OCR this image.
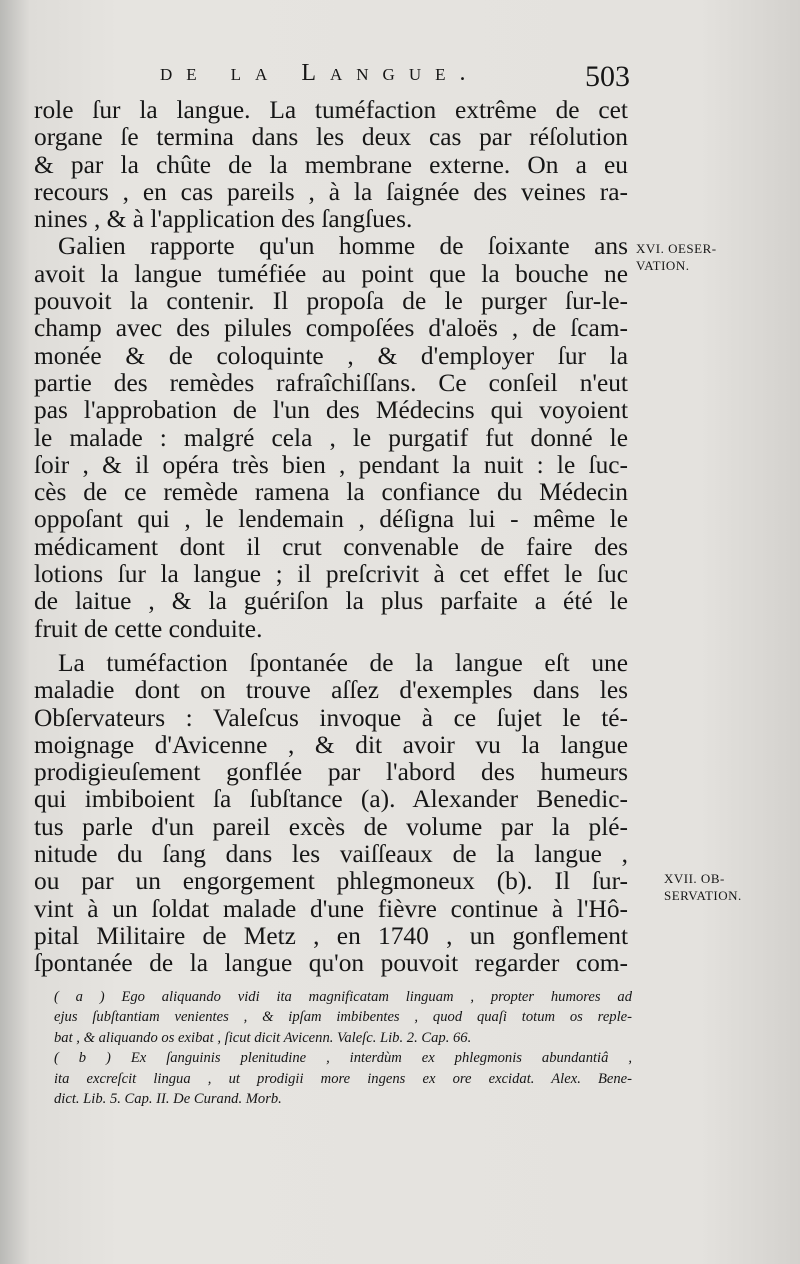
de la Langue.	503
role ſur la langue. La tuméfaction extrême de cet
organe ſe termina dans les deux cas par réſolution
& par la chûte de la membrane externe. On a eu
recours , en cas pareils , à la ſaignée des veines ra-
nines , & à l'application des ſangſues.
Galien rapporte qu'un homme de ſoixante ans
avoit la langue tuméfiée au point que la bouche ne
pouvoit la contenir. Il propoſa de le purger ſur-le-
champ avec des pilules compoſées d'aloës , de ſcam-
monée & de coloquinte , & d'employer ſur la
partie des remèdes rafraîchiſſans. Ce conſeil n'eut
pas l'approbation de l'un des Médecins qui voyoient
le malade : malgré cela , le purgatif fut donné le
ſoir , & il opéra très bien , pendant la nuit : le ſuc-
cès de ce remède ramena la confiance du Médecin
oppoſant qui , le lendemain , déſigna lui - même le
médicament dont il crut convenable de faire des
lotions ſur la langue ; il preſcrivit à cet effet le ſuc
de laitue , & la guériſon la plus parfaite a été le
fruit de cette conduite.
La tuméfaction ſpontanée de la langue eſt une
maladie dont on trouve aſſez d'exemples dans les
Obſervateurs : Valeſcus invoque à ce ſujet le té-
moignage d'Avicenne , & dit avoir vu la langue
prodigieuſement gonflée par l'abord des humeurs
qui imbiboient ſa ſubſtance (a). Alexander Benedic-
tus parle d'un pareil excès de volume par la plé-
nitude du ſang dans les vaiſſeaux de la langue ,
ou par un engorgement phlegmoneux (b). Il ſur-
vint à un ſoldat malade d'une fièvre continue à l'Hô-
pital Militaire de Metz , en 1740 , un gonflement
ſpontanée de la langue qu'on pouvoit regarder com-
XVI. OESER-
VATION.
XVII. OB-
SERVATION.
( a ) Ego aliquando vidi ita magnificatam linguam , propter humores ad
ejus ſubſtantiam venientes , & ipſam imbibentes , quod quaſi totum os reple-
bat , & aliquando os exibat , ſicut dicit Avicenn. Valeſc. Lib. 2. Cap. 66.
( b ) Ex ſanguinis plenitudine , interdùm ex phlegmonis abundantiâ ,
ita excreſcit lingua , ut prodigii more ingens ex ore excidat. Alex. Bene-
dict. Lib. 5. Cap. II. De Curand. Morb.
